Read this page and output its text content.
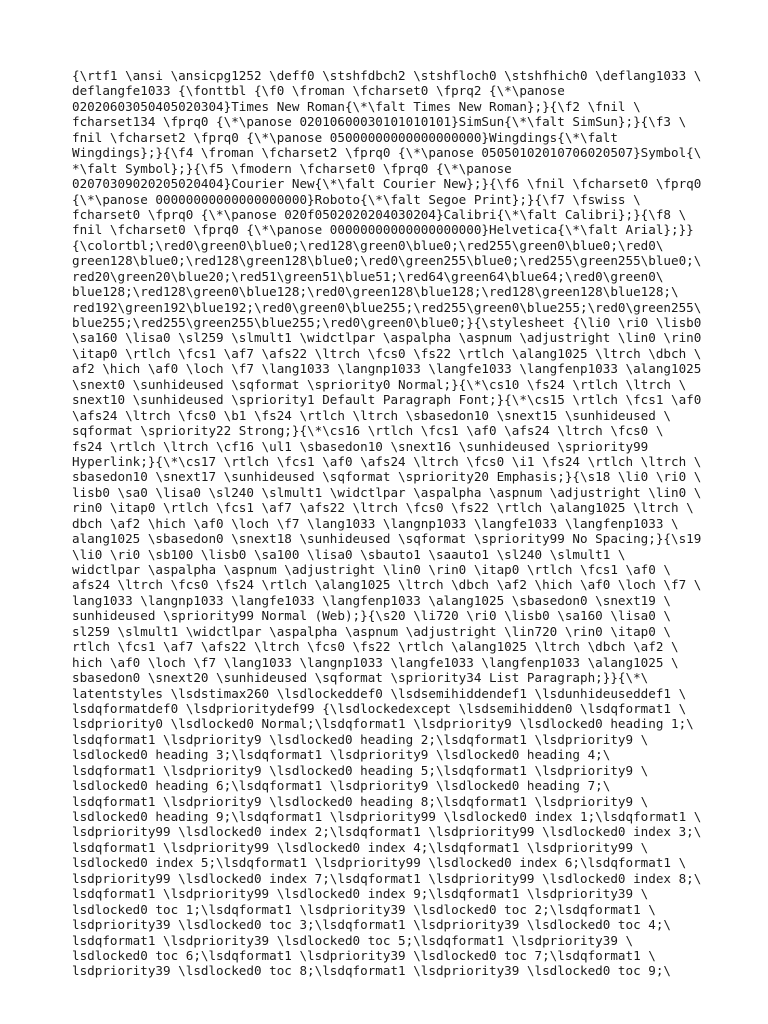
{\rtf1 \ansi \ansicpg1252 \deff0 \stshfdbch2 \stshfloch0 \stshfhich0 \deflang1033 \
deflangfe1033 {\fonttbl {\f0 \froman \fcharset0 \fprq2 {\*\panose
02020603050405020304}Times New Roman{\*\falt Times New Roman};}{\f2 \fnil \
fcharset134 \fprq0 {\*\panose 02010600030101010101}SimSun{\*\falt SimSun};}{\f3 \
fnil \fcharset2 \fprq0 {\*\panose 05000000000000000000}Wingdings{\*\falt
Wingdings};}{\f4 \froman \fcharset2 \fprq0 {\*\panose 05050102010706020507}Symbol{\
*\falt Symbol};}{\f5 \fmodern \fcharset0 \fprq0 {\*\panose
02070309020205020404}Courier New{\*\falt Courier New};}{\f6 \fnil \fcharset0 \fprq0
{\*\panose 00000000000000000000}Roboto{\*\falt Segoe Print};}{\f7 \fswiss \
fcharset0 \fprq0 {\*\panose 020f0502020204030204}Calibri{\*\falt Calibri};}{\f8 \
fnil \fcharset0 \fprq0 {\*\panose 00000000000000000000}Helvetica{\*\falt Arial};}}
{\colortbl;\red0\green0\blue0;\red128\green0\blue0;\red255\green0\blue0;\red0\
green128\blue0;\red128\green128\blue0;\red0\green255\blue0;\red255\green255\blue0;\
red20\green20\blue20;\red51\green51\blue51;\red64\green64\blue64;\red0\green0\
blue128;\red128\green0\blue128;\red0\green128\blue128;\red128\green128\blue128;\
red192\green192\blue192;\red0\green0\blue255;\red255\green0\blue255;\red0\green255\
blue255;\red255\green255\blue255;\red0\green0\blue0;}{\stylesheet {\li0 \ri0 \lisb0
\sa160 \lisa0 \sl259 \slmult1 \widctlpar \aspalpha \aspnum \adjustright \lin0 \rin0
\itap0 \rtlch \fcs1 \af7 \afs22 \ltrch \fcs0 \fs22 \rtlch \alang1025 \ltrch \dbch \
af2 \hich \af0 \loch \f7 \lang1033 \langnp1033 \langfe1033 \langfenp1033 \alang1025
\snext0 \sunhideused \sqformat \spriority0 Normal;}{\*\cs10 \fs24 \rtlch \ltrch \
snext10 \sunhideused \spriority1 Default Paragraph Font;}{\*\cs15 \rtlch \fcs1 \af0
\afs24 \ltrch \fcs0 \b1 \fs24 \rtlch \ltrch \sbasedon10 \snext15 \sunhideused \
sqformat \spriority22 Strong;}{\*\cs16 \rtlch \fcs1 \af0 \afs24 \ltrch \fcs0 \
fs24 \rtlch \ltrch \cf16 \ul1 \sbasedon10 \snext16 \sunhideused \spriority99
Hyperlink;}{\*\cs17 \rtlch \fcs1 \af0 \afs24 \ltrch \fcs0 \i1 \fs24 \rtlch \ltrch \
sbasedon10 \snext17 \sunhideused \sqformat \spriority20 Emphasis;}{\s18 \li0 \ri0 \
lisb0 \sa0 \lisa0 \sl240 \slmult1 \widctlpar \aspalpha \aspnum \adjustright \lin0 \
rin0 \itap0 \rtlch \fcs1 \af7 \afs22 \ltrch \fcs0 \fs22 \rtlch \alang1025 \ltrch \
dbch \af2 \hich \af0 \loch \f7 \lang1033 \langnp1033 \langfe1033 \langfenp1033 \
alang1025 \sbasedon0 \snext18 \sunhideused \sqformat \spriority99 No Spacing;}{\s19
\li0 \ri0 \sb100 \lisb0 \sa100 \lisa0 \sbauto1 \saauto1 \sl240 \slmult1 \
widctlpar \aspalpha \aspnum \adjustright \lin0 \rin0 \itap0 \rtlch \fcs1 \af0 \
afs24 \ltrch \fcs0 \fs24 \rtlch \alang1025 \ltrch \dbch \af2 \hich \af0 \loch \f7 \
lang1033 \langnp1033 \langfe1033 \langfenp1033 \alang1025 \sbasedon0 \snext19 \
sunhideused \spriority99 Normal (Web);}{\s20 \li720 \ri0 \lisb0 \sa160 \lisa0 \
sl259 \slmult1 \widctlpar \aspalpha \aspnum \adjustright \lin720 \rin0 \itap0 \
rtlch \fcs1 \af7 \afs22 \ltrch \fcs0 \fs22 \rtlch \alang1025 \ltrch \dbch \af2 \
hich \af0 \loch \f7 \lang1033 \langnp1033 \langfe1033 \langfenp1033 \alang1025 \
sbasedon0 \snext20 \sunhideused \sqformat \spriority34 List Paragraph;}}{\*\
latentstyles \lsdstimax260 \lsdlockeddef0 \lsdsemihiddendef1 \lsdunhideuseddef1 \
lsdqformatdef0 \lsdprioritydef99 {\lsdlockedexcept \lsdsemihidden0 \lsdqformat1 \
lsdpriority0 \lsdlocked0 Normal;\lsdqformat1 \lsdpriority9 \lsdlocked0 heading 1;\
lsdqformat1 \lsdpriority9 \lsdlocked0 heading 2;\lsdqformat1 \lsdpriority9 \
lsdlocked0 heading 3;\lsdqformat1 \lsdpriority9 \lsdlocked0 heading 4;\
lsdqformat1 \lsdpriority9 \lsdlocked0 heading 5;\lsdqformat1 \lsdpriority9 \
lsdlocked0 heading 6;\lsdqformat1 \lsdpriority9 \lsdlocked0 heading 7;\
lsdqformat1 \lsdpriority9 \lsdlocked0 heading 8;\lsdqformat1 \lsdpriority9 \
lsdlocked0 heading 9;\lsdqformat1 \lsdpriority99 \lsdlocked0 index 1;\lsdqformat1 \
lsdpriority99 \lsdlocked0 index 2;\lsdqformat1 \lsdpriority99 \lsdlocked0 index 3;\
lsdqformat1 \lsdpriority99 \lsdlocked0 index 4;\lsdqformat1 \lsdpriority99 \
lsdlocked0 index 5;\lsdqformat1 \lsdpriority99 \lsdlocked0 index 6;\lsdqformat1 \
lsdpriority99 \lsdlocked0 index 7;\lsdqformat1 \lsdpriority99 \lsdlocked0 index 8;\
lsdqformat1 \lsdpriority99 \lsdlocked0 index 9;\lsdqformat1 \lsdpriority39 \
lsdlocked0 toc 1;\lsdqformat1 \lsdpriority39 \lsdlocked0 toc 2;\lsdqformat1 \
lsdpriority39 \lsdlocked0 toc 3;\lsdqformat1 \lsdpriority39 \lsdlocked0 toc 4;\
lsdqformat1 \lsdpriority39 \lsdlocked0 toc 5;\lsdqformat1 \lsdpriority39 \
lsdlocked0 toc 6;\lsdqformat1 \lsdpriority39 \lsdlocked0 toc 7;\lsdqformat1 \
lsdpriority39 \lsdlocked0 toc 8;\lsdqformat1 \lsdpriority39 \lsdlocked0 toc 9;\
